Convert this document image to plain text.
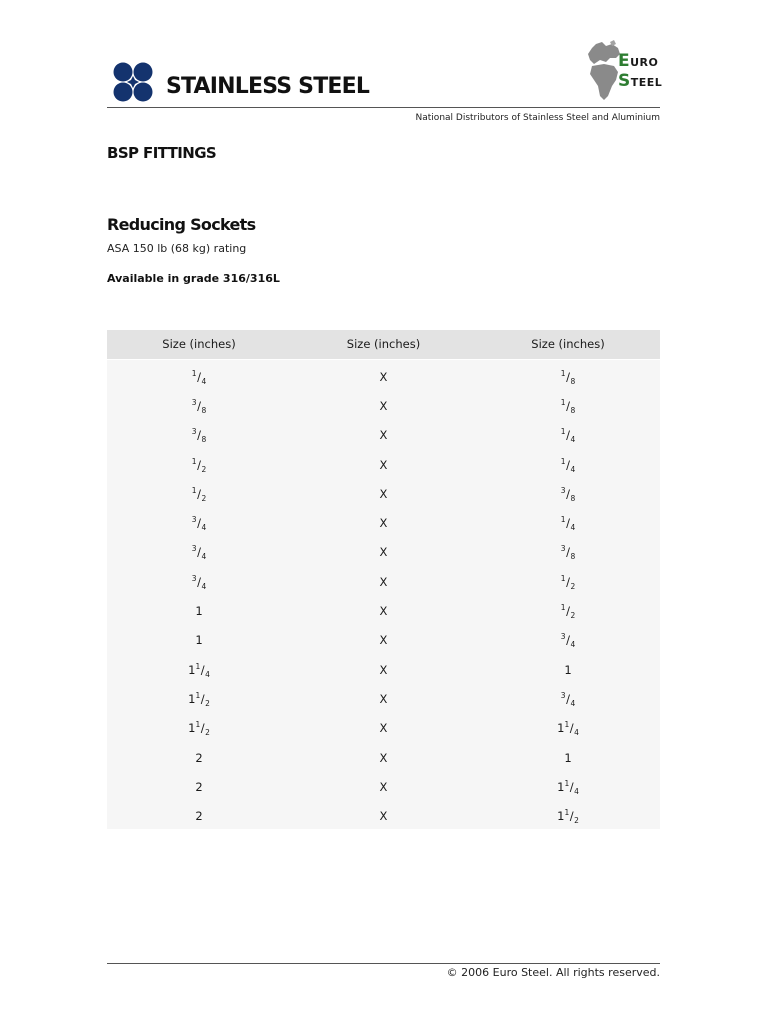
STAINLESS STEEL
EURO
STEEL
National Distributors of Stainless Steel and Aluminium
BSP FITTINGS
Reducing Sockets
ASA 150 lb (68 kg) rating
Available in grade 316/316L
Size (inches)	Size (inches)	Size (inches)
$^1/_4$	X	$^1/_8$
$^3/_8$	X	$^1/_8$
$^3/_8$	X	$^1/_4$
$^1/_2$	X	$^1/_4$
$^1/_2$	X	$^3/_8$
$^3/_4$	X	$^1/_4$
$^3/_4$	X	$^3/_8$
$^3/_4$	X	$^1/_2$
1	X	$^1/_2$
1	X	$^3/_4$
$1^1/_4$	X	1
$1^1/_2$	X	$^3/_4$
$1^1/_2$	X	$1^1/_4$
2	X	1
2	X	$1^1/_4$
2	X	$1^1/_2$
© 2006 Euro Steel. All rights reserved.
